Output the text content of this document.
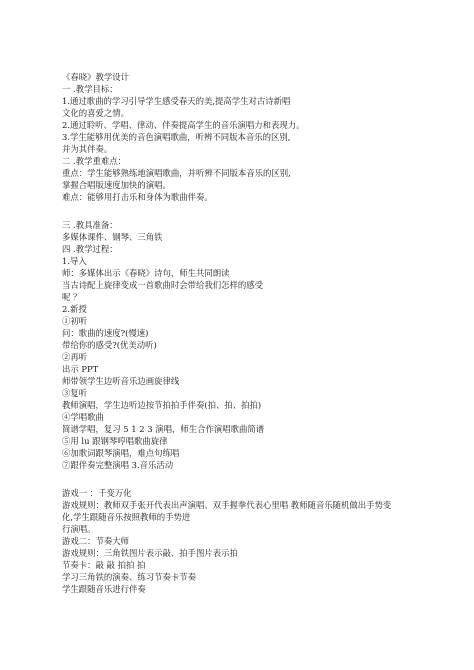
《春晓》教学设计
一 .教学目标：
1.通过歌曲的学习引导学生感受春天的美,提高学生对古诗新唱
文化的喜爱之情。
2.通过聆听、学唱、律动、伴奏提高学生的音乐演唱力和表现力。
3.学生能够用优美的音色演唱歌曲，听辨不同版本音乐的区别,
并为其伴奏。
二 .教学重难点：
重点：学生能够熟练地演唱歌曲，并听辨不同版本音乐的区别,
掌握合唱版速度加快的演唱。
难点：能够用打击乐和身体为歌曲伴奏。
三 .教具准备：
多媒体课件、钢琴、三角铁
四 .教学过程：
1.导入
师：多媒体出示《春晓》诗句，师生共同朗读
当古诗配上旋律变成一首歌曲时会带给我们怎样的感受
呢 ？
2.新授
①初听
问：歌曲的速度?(慢速)
带给你的感受?(优美动听)
②再听
出示 PPT
师带领学生边听音乐边画旋律线
③复听
教师演唱，学生边听边按节拍拍手伴奏(拍、拍、拍拍)
④学唱歌曲
简谱学唱，复习 5 1 2 3 演唱，师生合作演唱歌曲简谱
⑤用 lu 跟钢琴哼唱歌曲旋律
⑥加歌词跟琴演唱，难点句练唱
⑦跟伴奏完整演唱 3.音乐活动
游戏一 ：千变万化
游戏规则：教师双手张开代表出声演唱、双手握拳代表心里唱 教师随音乐随机做出手势变
化,学生跟随音乐按照教师的手势进
行演唱。
游戏二：节奏大师
游戏规则：三角铁图片表示敲、拍手图片表示拍
节奏卡：敲 敲 拍拍 拍
学习三角铁的演奏、练习节奏卡节奏
学生跟随音乐进行伴奏
